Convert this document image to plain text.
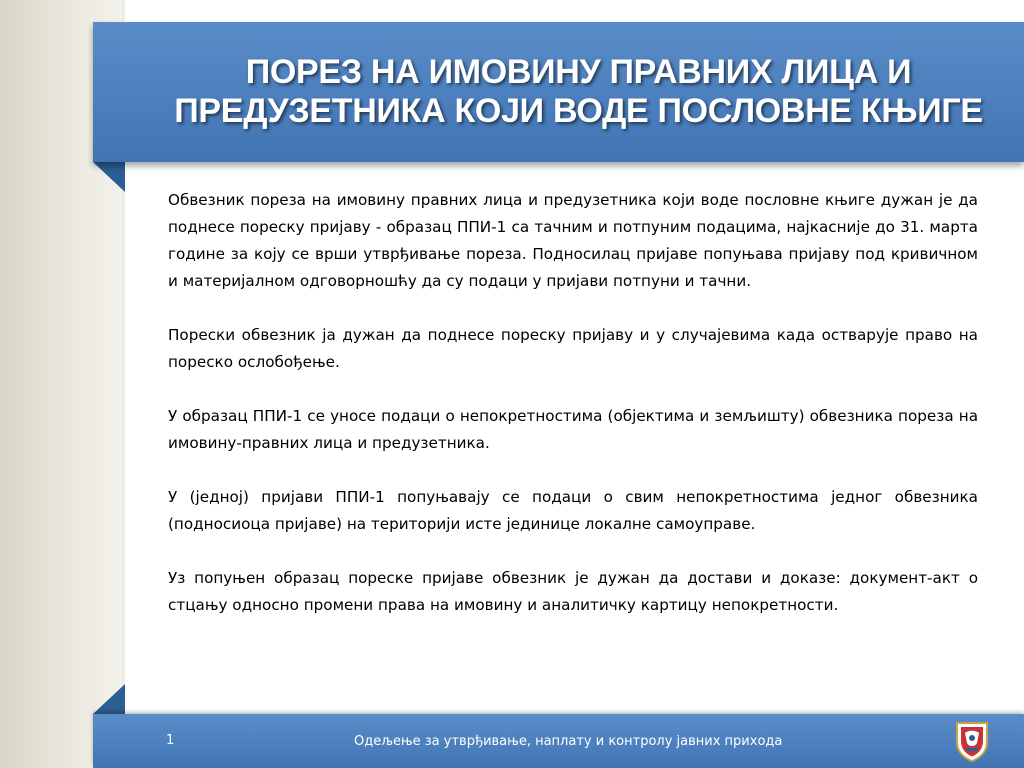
ПОРЕЗ НА ИМОВИНУ ПРАВНИХ ЛИЦА И ПРЕДУЗЕТНИКА КОЈИ ВОДЕ ПОСЛОВНЕ КЊИГЕ

Обвезник пореза на имовину правних лица и предузетника који воде пословне књиге дужан је да поднесе пореску пријаву - образац ППИ-1 са тачним и потпуним подацима, најкасније до 31. марта године за коју се врши утврђивање пореза. Подносилац пријаве попуњава пријаву под кривичном и материјалном одговорношћу да су подаци у пријави потпуни и тачни.

Порески обвезник ја дужан да поднесе пореску пријаву и у случајевима када остварује право на пореско ослобођење.

У образац ППИ-1 се уносе подаци о непокретностима (објектима и земљишту) обвезника пореза на имовину-правних лица и предузетника.

У (једној) пријави ППИ-1 попуњавају се подаци о свим непокретностима једног обвезника (подносиоца пријаве) на територији исте јединице локалне самоуправе.

Уз попуњен образац пореске пријаве обвезник је дужан да достави и доказе: документ-акт о стцању односно промени права на имовину и аналитичку картицу непокретности.

1	Одељење за утврђивање, наплату и контролу јавних прихода
